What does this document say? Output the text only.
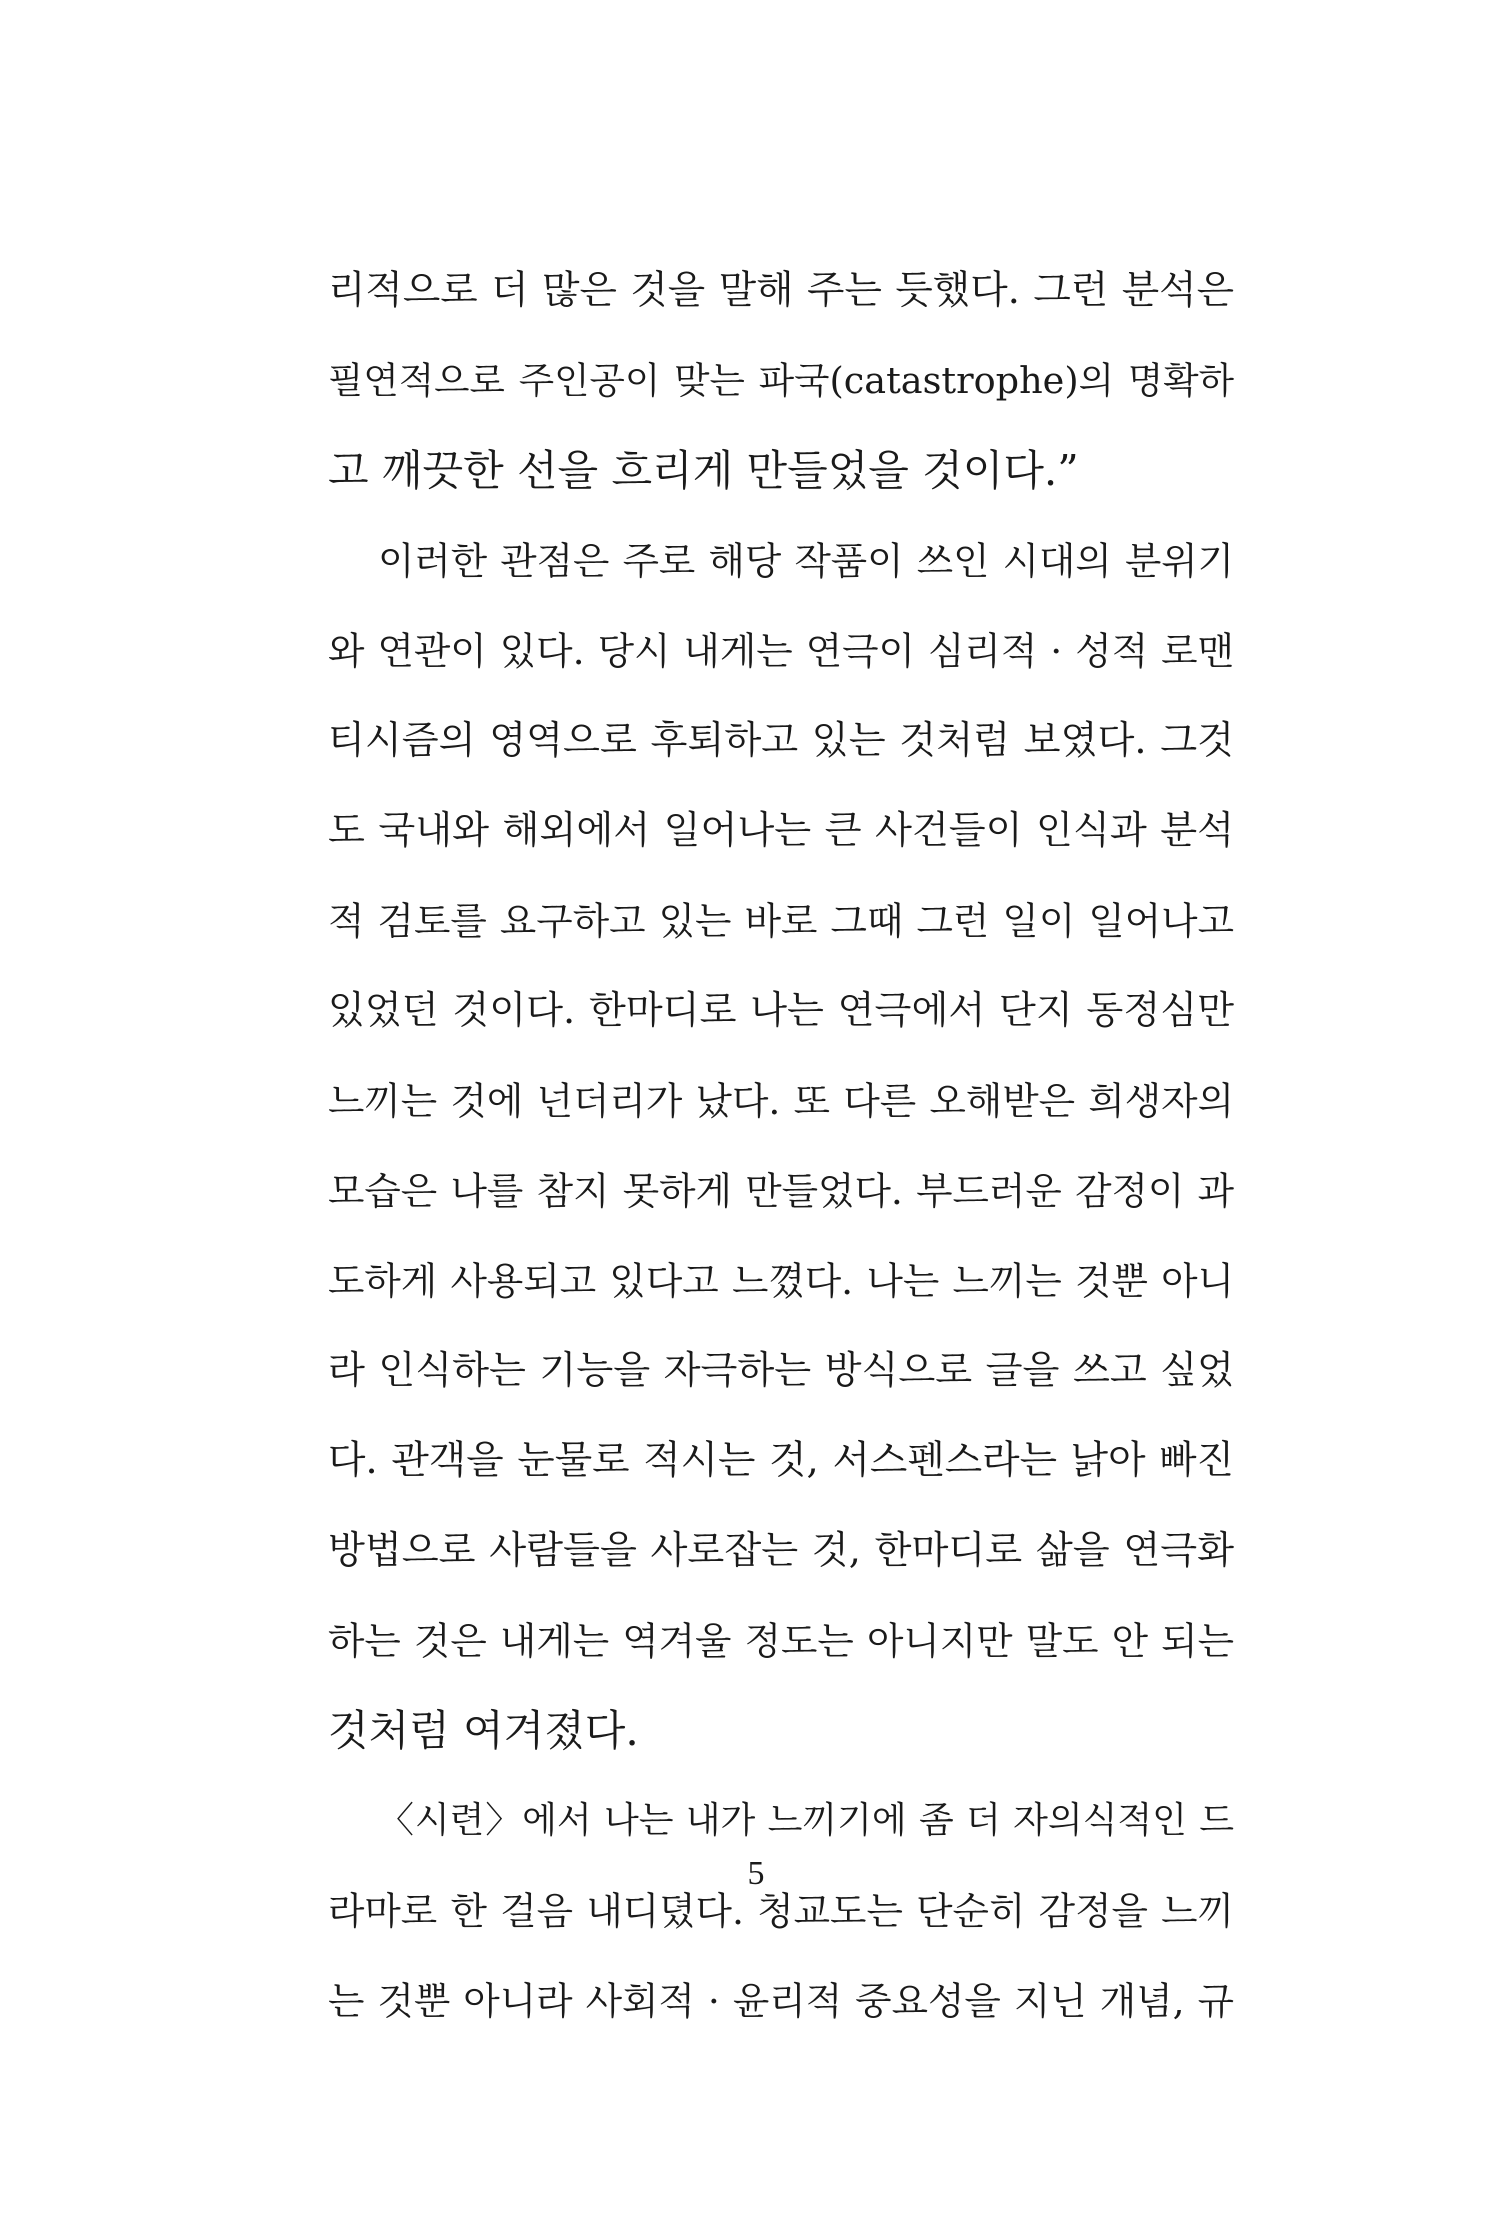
리적으로 더 많은 것을 말해 주는 듯했다. 그런 분석은
필연적으로 주인공이 맞는 파국(catastrophe)의 명확하
고 깨끗한 선을 흐리게 만들었을 것이다.”
이러한 관점은 주로 해당 작품이 쓰인 시대의 분위기
와 연관이 있다. 당시 내게는 연극이 심리적 · 성적 로맨
티시즘의 영역으로 후퇴하고 있는 것처럼 보였다. 그것
도 국내와 해외에서 일어나는 큰 사건들이 인식과 분석
적 검토를 요구하고 있는 바로 그때 그런 일이 일어나고
있었던 것이다. 한마디로 나는 연극에서 단지 동정심만
느끼는 것에 넌더리가 났다. 또 다른 오해받은 희생자의
모습은 나를 참지 못하게 만들었다. 부드러운 감정이 과
도하게 사용되고 있다고 느꼈다. 나는 느끼는 것뿐 아니
라 인식하는 기능을 자극하는 방식으로 글을 쓰고 싶었
다. 관객을 눈물로 적시는 것, 서스펜스라는 낡아 빠진
방법으로 사람들을 사로잡는 것, 한마디로 삶을 연극화
하는 것은 내게는 역겨울 정도는 아니지만 말도 안 되는
것처럼 여겨졌다.
〈시련〉에서 나는 내가 느끼기에 좀 더 자의식적인 드
라마로 한 걸음 내디뎠다. 청교도는 단순히 감정을 느끼
는 것뿐 아니라 사회적 · 윤리적 중요성을 지닌 개념, 규
5
